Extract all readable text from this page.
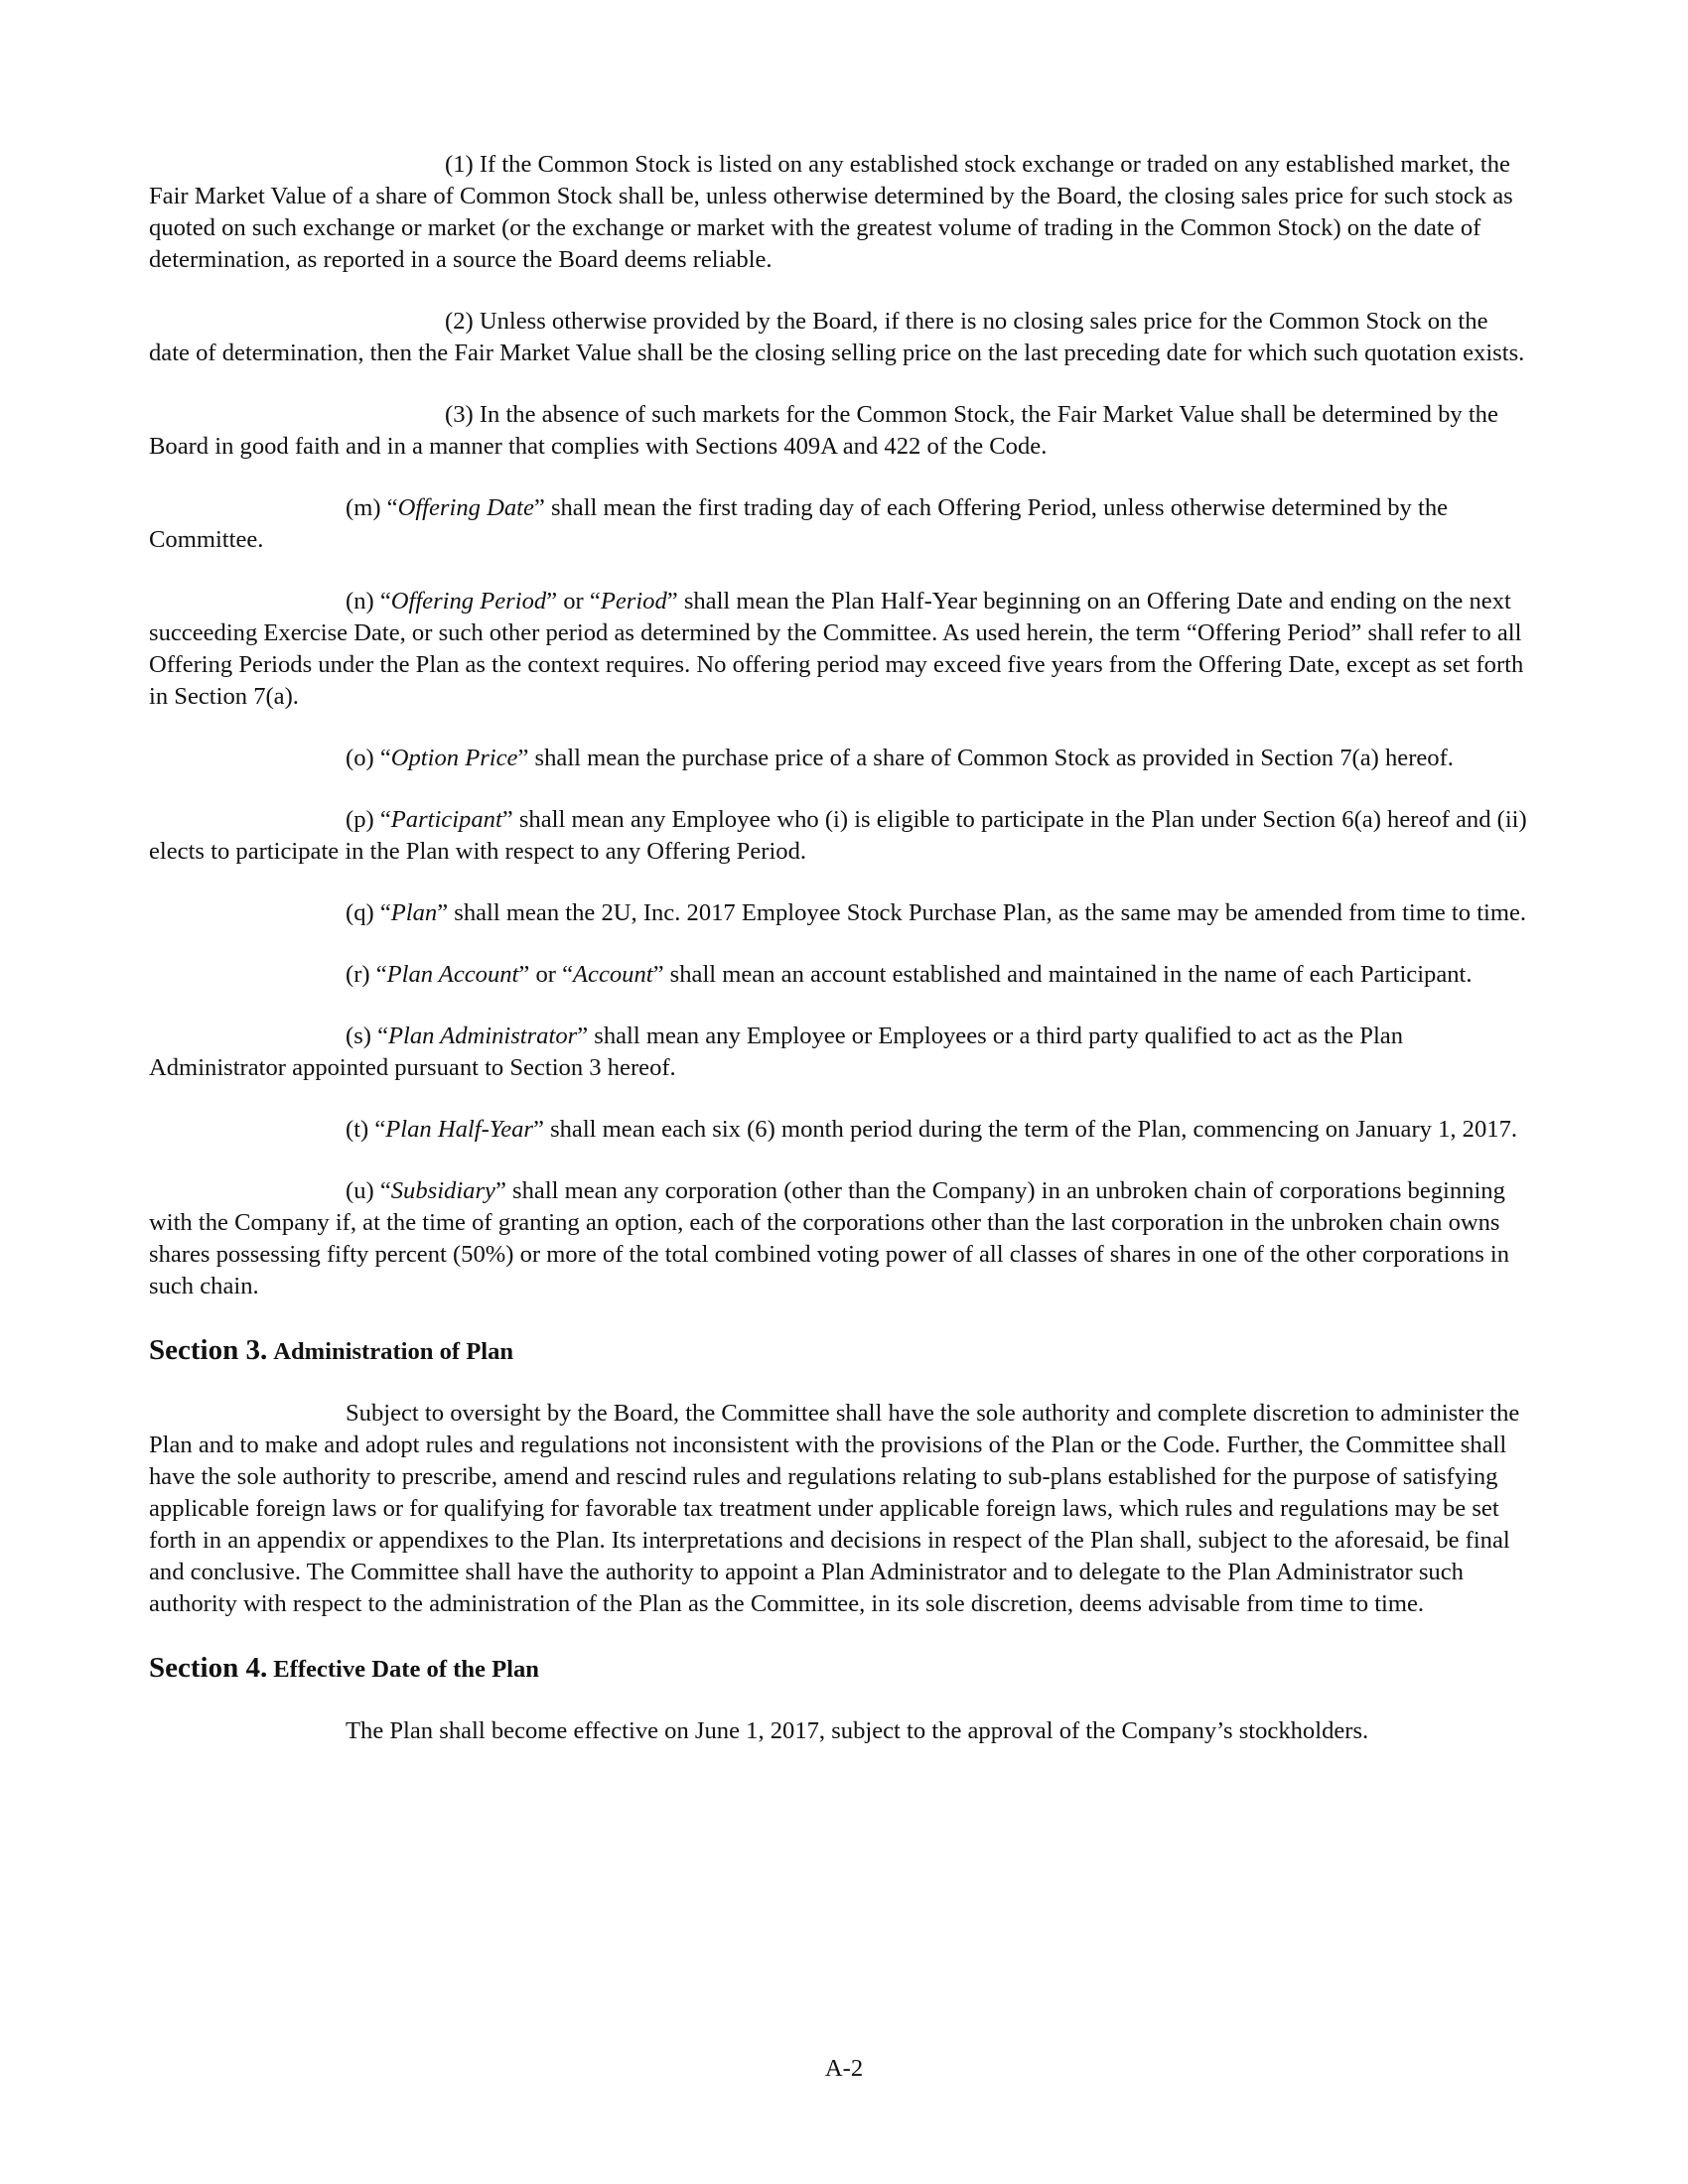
(1) If the Common Stock is listed on any established stock exchange or traded on any established market, the Fair Market Value of a share of Common Stock shall be, unless otherwise determined by the Board, the closing sales price for such stock as quoted on such exchange or market (or the exchange or market with the greatest volume of trading in the Common Stock) on the date of determination, as reported in a source the Board deems reliable.

(2) Unless otherwise provided by the Board, if there is no closing sales price for the Common Stock on the date of determination, then the Fair Market Value shall be the closing selling price on the last preceding date for which such quotation exists.

(3) In the absence of such markets for the Common Stock, the Fair Market Value shall be determined by the Board in good faith and in a manner that complies with Sections 409A and 422 of the Code.

(m) “Offering Date” shall mean the first trading day of each Offering Period, unless otherwise determined by the Committee.

(n) “Offering Period” or “Period” shall mean the Plan Half-Year beginning on an Offering Date and ending on the next succeeding Exercise Date, or such other period as determined by the Committee. As used herein, the term “Offering Period” shall refer to all Offering Periods under the Plan as the context requires. No offering period may exceed five years from the Offering Date, except as set forth in Section 7(a).

(o) “Option Price” shall mean the purchase price of a share of Common Stock as provided in Section 7(a) hereof.

(p) “Participant” shall mean any Employee who (i) is eligible to participate in the Plan under Section 6(a) hereof and (ii) elects to participate in the Plan with respect to any Offering Period.

(q) “Plan” shall mean the 2U, Inc. 2017 Employee Stock Purchase Plan, as the same may be amended from time to time.

(r) “Plan Account” or “Account” shall mean an account established and maintained in the name of each Participant.

(s) “Plan Administrator” shall mean any Employee or Employees or a third party qualified to act as the Plan Administrator appointed pursuant to Section 3 hereof.

(t) “Plan Half-Year” shall mean each six (6) month period during the term of the Plan, commencing on January 1, 2017.

(u) “Subsidiary” shall mean any corporation (other than the Company) in an unbroken chain of corporations beginning with the Company if, at the time of granting an option, each of the corporations other than the last corporation in the unbroken chain owns shares possessing fifty percent (50%) or more of the total combined voting power of all classes of shares in one of the other corporations in such chain.

Section 3. Administration of Plan

Subject to oversight by the Board, the Committee shall have the sole authority and complete discretion to administer the Plan and to make and adopt rules and regulations not inconsistent with the provisions of the Plan or the Code. Further, the Committee shall have the sole authority to prescribe, amend and rescind rules and regulations relating to sub-plans established for the purpose of satisfying applicable foreign laws or for qualifying for favorable tax treatment under applicable foreign laws, which rules and regulations may be set forth in an appendix or appendixes to the Plan. Its interpretations and decisions in respect of the Plan shall, subject to the aforesaid, be final and conclusive. The Committee shall have the authority to appoint a Plan Administrator and to delegate to the Plan Administrator such authority with respect to the administration of the Plan as the Committee, in its sole discretion, deems advisable from time to time.

Section 4. Effective Date of the Plan

The Plan shall become effective on June 1, 2017, subject to the approval of the Company’s stockholders.

A-2
